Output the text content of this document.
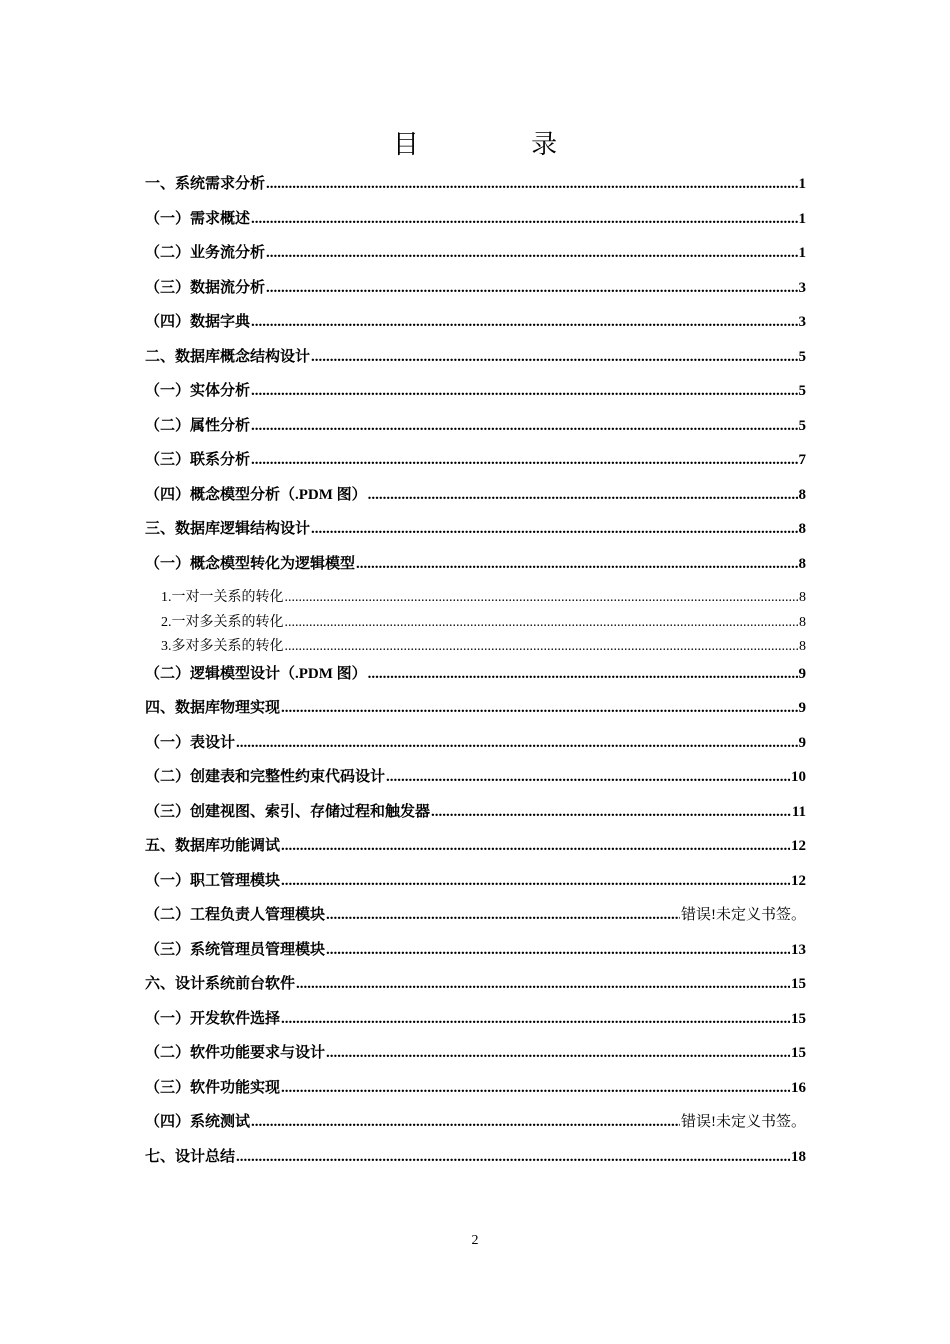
目 录
一、系统需求分析 .....	1
（一）需求概述 .....	1
（二）业务流分析 .....	1
（三）数据流分析 .....	3
（四）数据字典 .....	3
二、数据库概念结构设计 .....	5
（一）实体分析 .....	5
（二）属性分析 .....	5
（三）联系分析 .....	7
（四）概念模型分析（.PDM 图） .....	8
三、数据库逻辑结构设计 .....	8
（一）概念模型转化为逻辑模型 .....	8
1.一对一关系的转化 .....	8
2.一对多关系的转化 .....	8
3.多对多关系的转化 .....	8
（二）逻辑模型设计（.PDM 图） .....	9
四、数据库物理实现 .....	9
（一）表设计 .....	9
（二）创建表和完整性约束代码设计 .....	10
（三）创建视图、索引、存储过程和触发器 .....	11
五、数据库功能调试 .....	12
（一）职工管理模块 .....	12
（二）工程负责人管理模块 .....	错误!未定义书签。
（三）系统管理员管理模块 .....	13
六、设计系统前台软件 .....	15
（一）开发软件选择 .....	15
（二）软件功能要求与设计 .....	15
（三）软件功能实现 .....	16
（四）系统测试 .....	错误!未定义书签。
七、设计总结 .....	18
2
